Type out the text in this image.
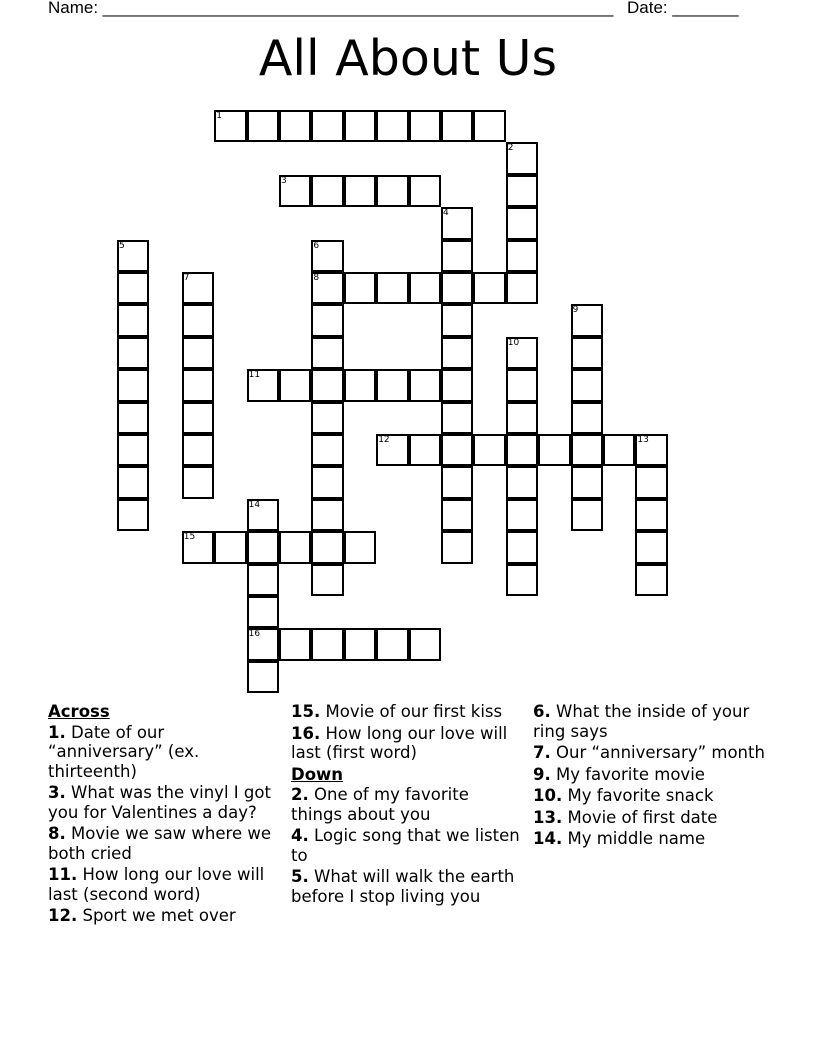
Name: ______________________________________________________ Date: _______
All About Us
1
2
3
4
5	6
7	8
9
10
11
12	13
14
15
16
Across
1. Date of our “anniversary” (ex. thirteenth)
3. What was the vinyl I got you for Valentines a day?
8. Movie we saw where we both cried
11. How long our love will last (second word)
12. Sport we met over
15. Movie of our first kiss
16. How long our love will last (first word)
Down
2. One of my favorite things about you
4. Logic song that we listen to
5. What will walk the earth before I stop living you
6. What the inside of your ring says
7. Our “anniversary” month
9. My favorite movie
10. My favorite snack
13. Movie of first date
14. My middle name
